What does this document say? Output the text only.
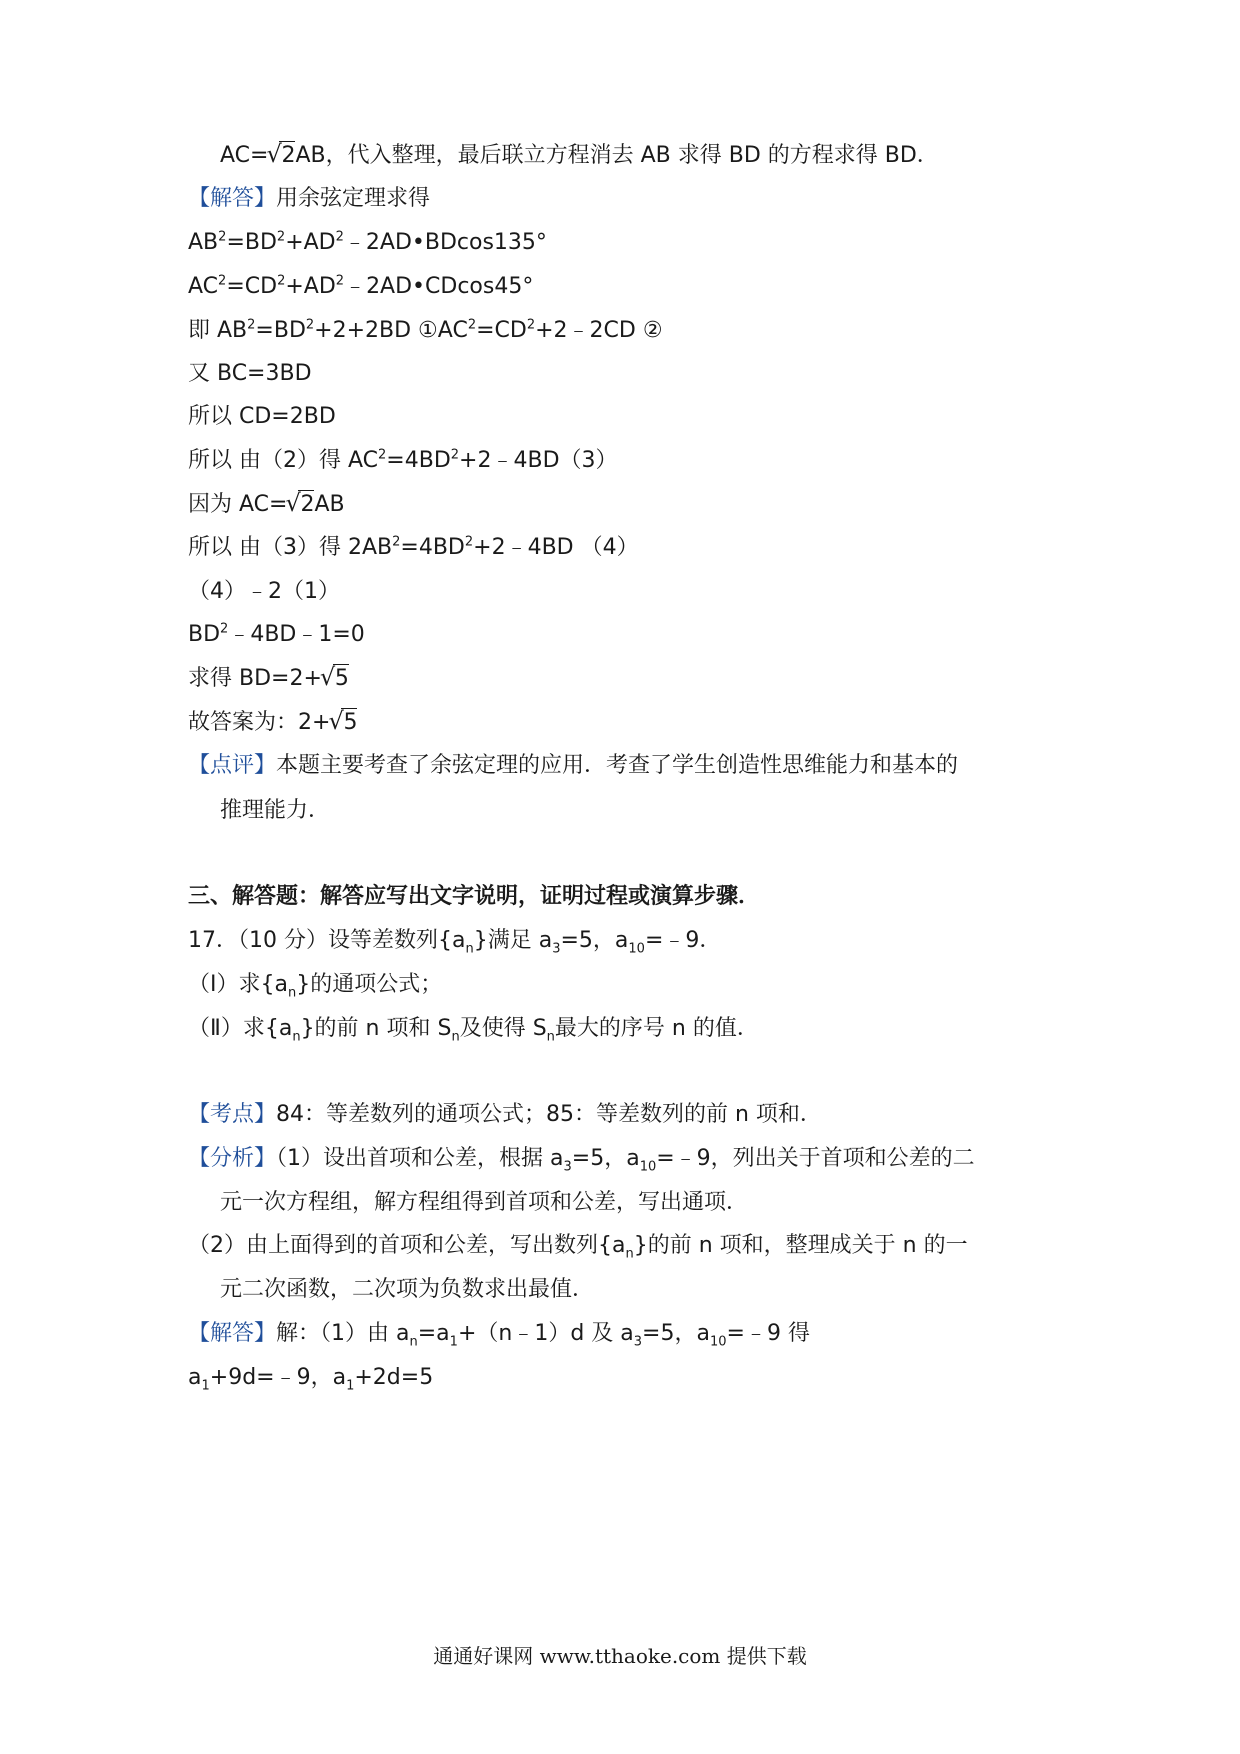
AC= √ 2AB，代入整理，最后联立方程消去 AB 求得 BD 的方程求得 BD．
【解答】用余弦定理求得
$AB^2=BD^2+AD^2﹣2AD•BDcos135^\circ$
$AC^2=CD^2+AD^2﹣2AD•CDcos45^\circ$
即 $AB^2=BD^2+2+2BD$ $①AC^2=CD^2+2﹣2CD$ ②
又 BC=3BD
所以 CD=2BD
所以 由（2）得 $AC^2=4BD^2+2﹣4BD(3)$
因为 AC= √ 2AB
所以 由（3）得 $2AB^2=4BD^2+2﹣4BD$ （4）
（4）﹣2（1）
$BD^2﹣4BD﹣1=0$
求得 BD=2+ √ 5
故答案为：2+ √ 5
【点评】本题主要考查了余弦定理的应用．考查了学生创造性思维能力和基本的
推理能力．
三、解答题：解答应写出文字说明，证明过程或演算步骤．
17．（10 分）设等差数列$\{a_n\}$满足 $a_3=5$，$a_{10}=﹣9$．
（Ⅰ）求$\{a_n\}$的通项公式；
（Ⅱ）求$\{a_n\}$的前 n 项和 $S_n$及使得 $S_n$最大的序号 n 的值．
【考点】84：等差数列的通项公式；85：等差数列的前 n 项和．
【分析】（1）设出首项和公差，根据 $a_3=5$，$a_{10}=﹣9$，列出关于首项和公差的二
元一次方程组，解方程组得到首项和公差，写出通项．
（2）由上面得到的首项和公差，写出数列$\{a_n\}$的前 n 项和，整理成关于 n 的一
元二次函数，二次项为负数求出最值．
【解答】解：（1）由 $a_n=a_1+(n﹣1)d$ 及 $a_3=5$，$a_{10}=﹣9$ 得
$a_1+9d=﹣9$，$a_1+2d=5$
通通好课网 www.tthaoke.com 提供下载
